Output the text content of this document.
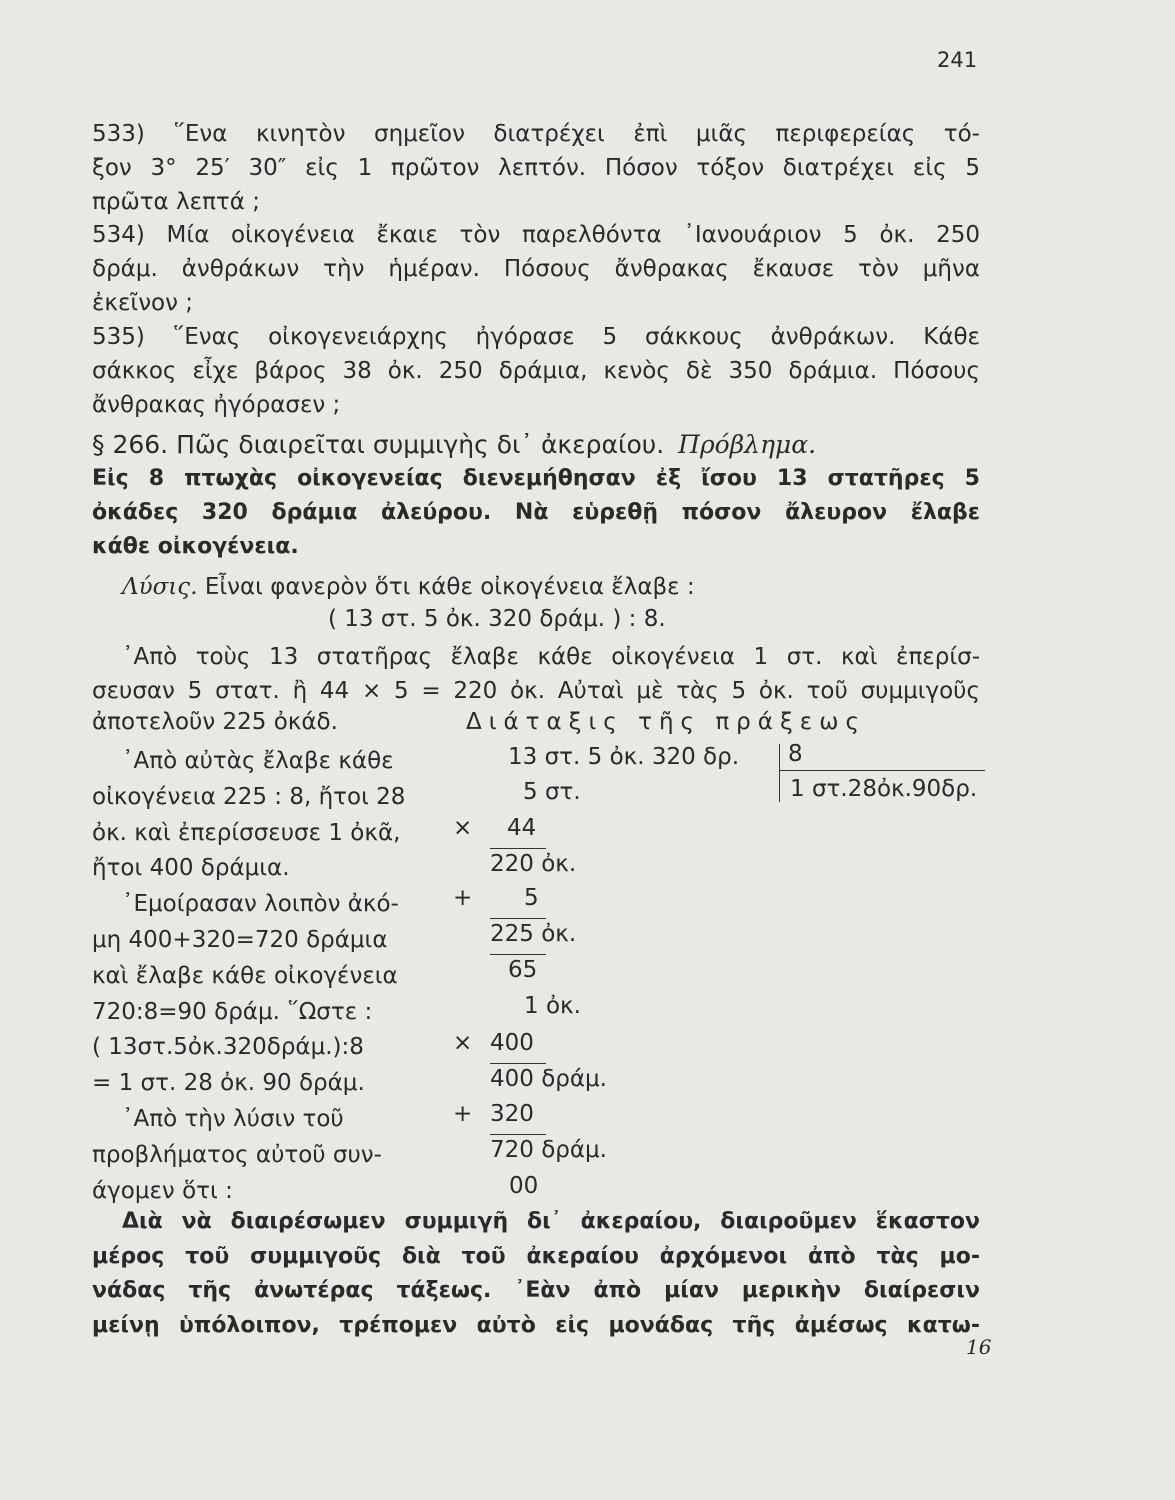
241
533) ῞Ενα κινητὸν σημεῖον διατρέχει ἐπὶ μιᾶς περιφερείας τό-
ξον 3° 25′ 30″ εἰς 1 πρῶτον λεπτόν. Πόσον τόξον διατρέχει εἰς 5
πρῶτα λεπτά ;
534) Μία οἰκογένεια ἔκαιε τὸν παρελθόντα ᾽Ιανουάριον 5 ὀκ. 250
δράμ. ἀνθράκων τὴν ἡμέραν. Πόσους ἄνθρακας ἔκαυσε τὸν μῆνα
ἐκεῖνον ;
535) ῞Ενας οἰκογενειάρχης ἠγόρασε 5 σάκκους ἀνθράκων. Κάθε
σάκκος εἶχε βάρος 38 ὀκ. 250 δράμια, κενὸς δὲ 350 δράμια. Πόσους
ἄνθρακας ἠγόρασεν ;
§ 266. Πῶς διαιρεῖται συμμιγὴς δι᾽ ἀκεραίου. Πρόβλημα.
Εἰς 8 πτωχὰς οἰκογενείας διενεμήθησαν ἐξ ἴσου 13 στατῆρες 5
ὀκάδες 320 δράμια ἀλεύρου. Νὰ εὑρεθῇ πόσον ἄλευρον ἔλαβε
κάθε οἰκογένεια.
Λύσις. Εἶναι φανερὸν ὅτι κάθε οἰκογένεια ἔλαβε :
( 13 στ. 5 ὀκ. 320 δράμ. ) : 8.
᾽Απὸ τοὺς 13 στατῆρας ἔλαβε κάθε οἰκογένεια 1 στ. καὶ ἐπερίσ-
σευσαν 5 στατ. ἢ 44 × 5 = 220 ὀκ. Αὐταὶ μὲ τὰς 5 ὀκ. τοῦ συμμιγοῦς
ἀποτελοῦν 225 ὀκάδ.	Διάταξις τῆς πράξεως
᾽Απὸ αὐτὰς ἔλαβε κάθε
οἰκογένεια 225 : 8, ἤτοι 28
ὀκ. καὶ ἐπερίσσευσε 1 ὀκᾶ,
ἤτοι 400 δράμια.
᾽Εμοίρασαν λοιπὸν ἀκό-
μη 400+320=720 δράμια
καὶ ἔλαβε κάθε οἰκογένεια
720:8=90 δράμ. ῞Ωστε :
( 13στ.5ὀκ.320δράμ.):8
= 1 στ. 28 ὀκ. 90 δράμ.
᾽Απὸ τὴν λύσιν τοῦ
προβλήματος αὐτοῦ συν-
άγομεν ὅτι :
13 στ. 5 ὀκ. 320 δρ. 8
1 στ.28ὀκ.90δρ.
×
+
×
+
5 στ.
44
220 ὀκ.
5
225 ὀκ.
65
1 ὀκ.
400
400 δράμ.
320
720 δράμ.
00
Διὰ νὰ διαιρέσωμεν συμμιγῆ δι᾽ ἀκεραίου, διαιροῦμεν ἕκαστον
μέρος τοῦ συμμιγοῦς διὰ τοῦ ἀκεραίου ἀρχόμενοι ἀπὸ τὰς μο-
νάδας τῆς ἀνωτέρας τάξεως. ᾽Εὰν ἀπὸ μίαν μερικὴν διαίρεσιν
μείνῃ ὑπόλοιπον, τρέπομεν αὐτὸ εἰς μονάδας τῆς ἀμέσως κατω-
16
